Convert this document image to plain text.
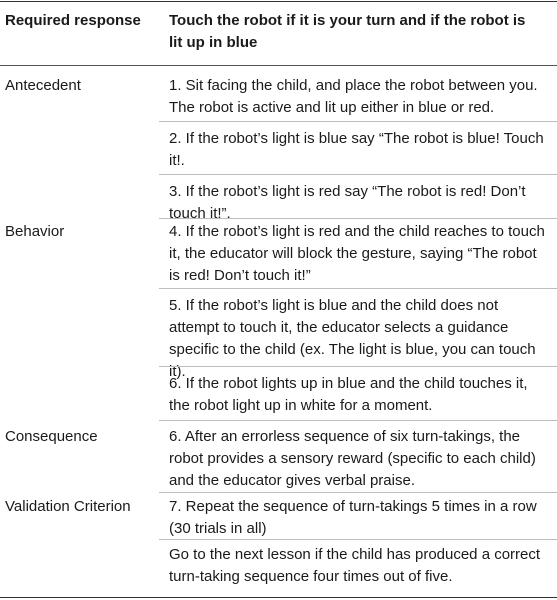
Required response	Touch the robot if it is your turn and if the robot is
lit up in blue

Antecedent	1. Sit facing the child, and place the robot between you.
The robot is active and lit up either in blue or red.

2. If the robot’s light is blue say “The robot is blue! Touch
it!.

3. If the robot’s light is red say “The robot is red! Don’t
touch it!”.

Behavior	4. If the robot’s light is red and the child reaches to touch
it, the educator will block the gesture, saying “The robot
is red! Don’t touch it!”

5. If the robot’s light is blue and the child does not
attempt to touch it, the educator selects a guidance
specific to the child (ex. The light is blue, you can touch
it).

6. If the robot lights up in blue and the child touches it,
the robot light up in white for a moment.

Consequence	6. After an errorless sequence of six turn-takings, the
robot provides a sensory reward (specific to each child)
and the educator gives verbal praise.

Validation Criterion	7. Repeat the sequence of turn-takings 5 times in a row
(30 trials in all)

Go to the next lesson if the child has produced a correct
turn-taking sequence four times out of five.
